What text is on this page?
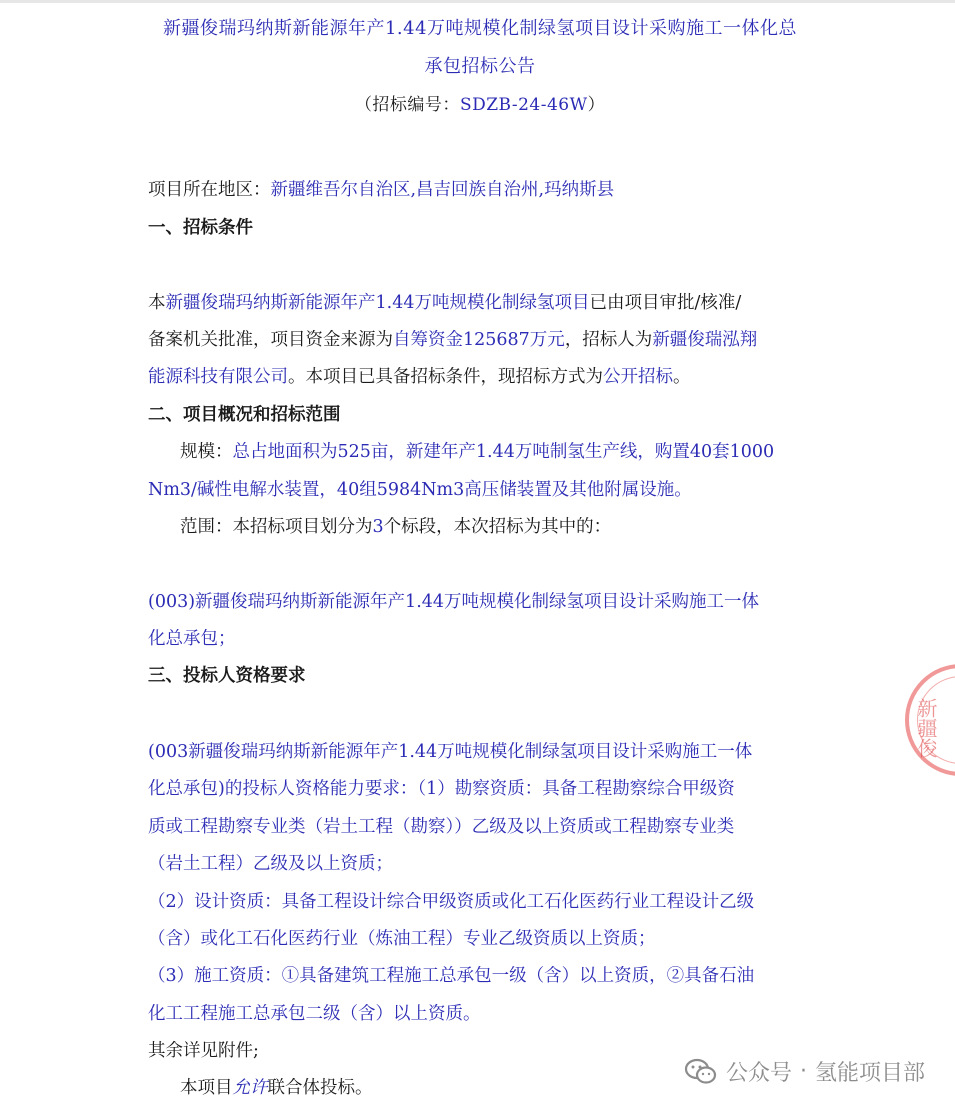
新疆俊瑞玛纳斯新能源年产1.44万吨规模化制绿氢项目设计采购施工一体化总
承包招标公告
（招标编号：SDZB-24-46W）
项目所在地区：新疆维吾尔自治区,昌吉回族自治州,玛纳斯县
一、招标条件
本新疆俊瑞玛纳斯新能源年产1.44万吨规模化制绿氢项目已由项目审批/核准/
备案机关批准，项目资金来源为自筹资金125687万元，招标人为新疆俊瑞泓翔
能源科技有限公司。本项目已具备招标条件，现招标方式为公开招标。
二、项目概况和招标范围
规模：总占地面积为525亩，新建年产1.44万吨制氢生产线，购置40套1000
Nm3/碱性电解水装置，40组5984Nm3高压储装置及其他附属设施。
范围：本招标项目划分为3个标段，本次招标为其中的：
(003)新疆俊瑞玛纳斯新能源年产1.44万吨规模化制绿氢项目设计采购施工一体
化总承包；
三、投标人资格要求
(003新疆俊瑞玛纳斯新能源年产1.44万吨规模化制绿氢项目设计采购施工一体
化总承包)的投标人资格能力要求：（1）勘察资质：具备工程勘察综合甲级资
质或工程勘察专业类（岩土工程（勘察））乙级及以上资质或工程勘察专业类
（岩土工程）乙级及以上资质；
（2）设计资质：具备工程设计综合甲级资质或化工石化医药行业工程设计乙级
（含）或化工石化医药行业（炼油工程）专业乙级资质以上资质；
（3）施工资质：①具备建筑工程施工总承包一级（含）以上资质，②具备石油
化工工程施工总承包二级（含）以上资质。
其余详见附件;
本项目允许联合体投标。
新疆俊
公众号 · 氢能项目部
